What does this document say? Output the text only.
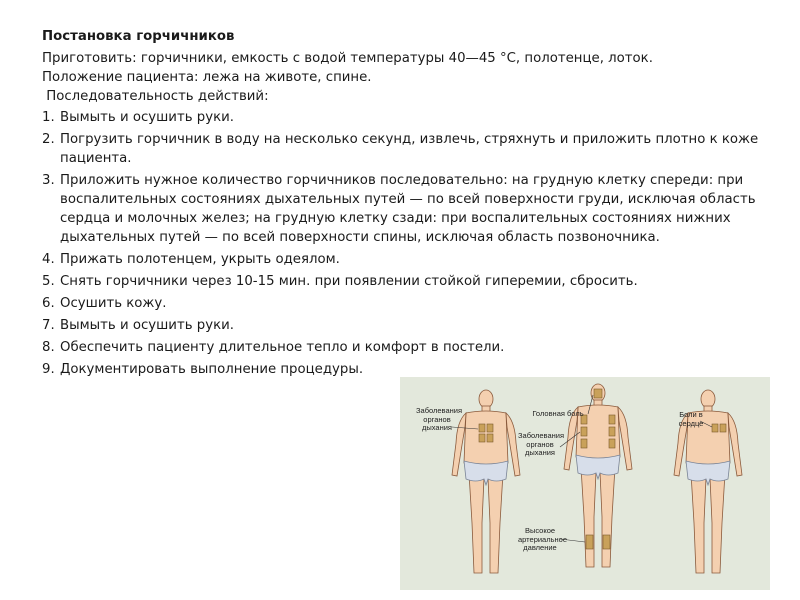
Постановка горчичников
Приготовить: горчичники, емкость с водой температуры 40—45 °С, полотенце, лоток.
Положение пациента: лежа на животе, спине.
Последовательность действий:
1. Вымыть и осушить руки.
2. Погрузить горчичник в воду на несколько секунд, извлечь, стряхнуть и приложить плотно к коже пациента.
3. Приложить нужное количество горчичников последовательно: на грудную клетку спереди: при воспалительных состояниях дыхательных путей — по всей поверхности груди, исключая область сердца и молочных желез; на грудную клетку сзади: при воспалительных состояниях нижних дыхательных путей — по всей поверхности спины, исключая область позвоночника.
4. Прижать полотенцем, укрыть одеялом.
5. Снять горчичники через 10-15 мин. при появлении стойкой гиперемии, сбросить.
6. Осушить кожу.
7. Вымыть и осушить руки.
8. Обеспечить пациенту длительное тепло и комфорт в постели.
9. Документировать выполнение процедуры.
Заболевания органов дыхания
Головная боль
Заболевания органов дыхания
Боли в сердце
Высокое артериальное давление
